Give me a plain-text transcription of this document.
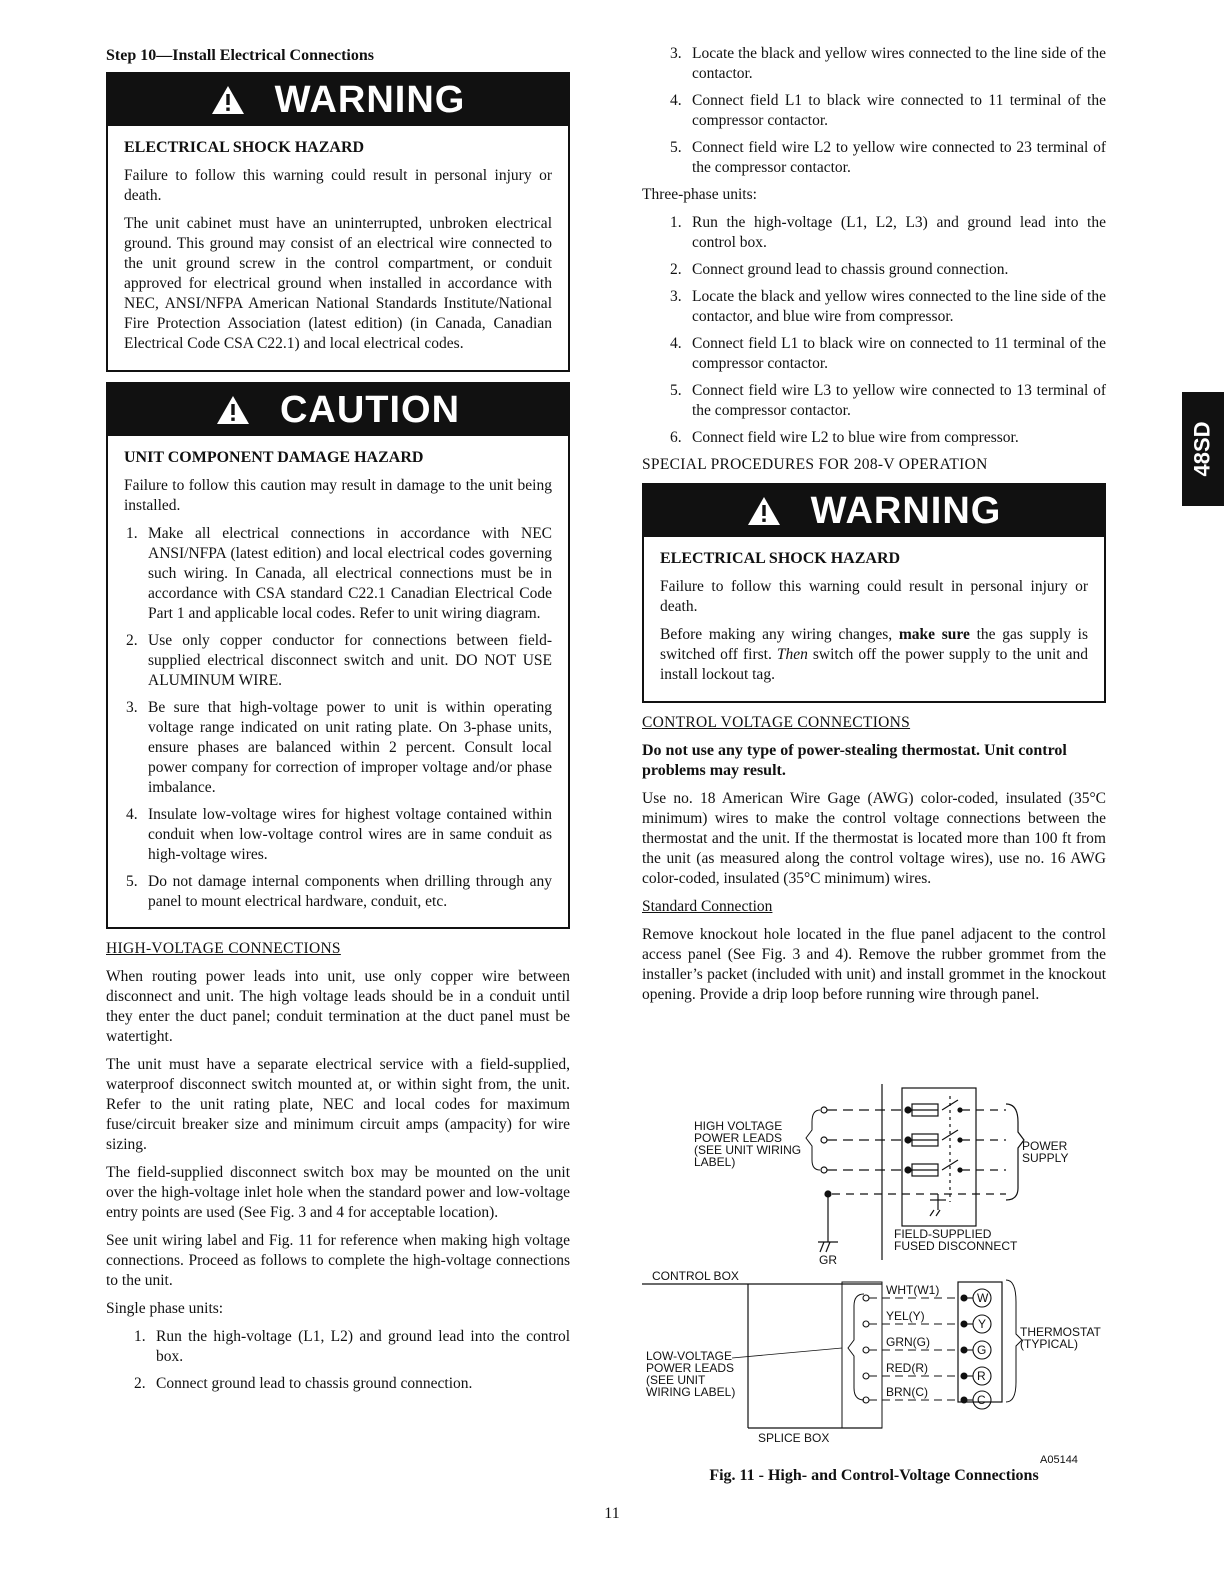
48SD
Step 10—Install Electrical Connections
WARNING
ELECTRICAL SHOCK HAZARD

Failure to follow this warning could result in personal injury or death.

The unit cabinet must have an uninterrupted, unbroken electrical ground. This ground may consist of an electrical wire connected to the unit ground screw in the control compartment, or conduit approved for electrical ground when installed in accordance with NEC, ANSI/NFPA American National Standards Institute/National Fire Protection Association (latest edition) (in Canada, Canadian Electrical Code CSA C22.1) and local electrical codes.

CAUTION
UNIT COMPONENT DAMAGE HAZARD

Failure to follow this caution may result in damage to the unit being installed.

1. Make all electrical connections in accordance with NEC ANSI/NFPA (latest edition) and local electrical codes governing such wiring. In Canada, all electrical connections must be in accordance with CSA standard C22.1 Canadian Electrical Code Part 1 and applicable local codes. Refer to unit wiring diagram.
2. Use only copper conductor for connections between field-supplied electrical disconnect switch and unit. DO NOT USE ALUMINUM WIRE.
3. Be sure that high-voltage power to unit is within operating voltage range indicated on unit rating plate. On 3-phase units, ensure phases are balanced within 2 percent. Consult local power company for correction of improper voltage and/or phase imbalance.
4. Insulate low-voltage wires for highest voltage contained within conduit when low-voltage control wires are in same conduit as high-voltage wires.
5. Do not damage internal components when drilling through any panel to mount electrical hardware, conduit, etc.

HIGH-VOLTAGE CONNECTIONS

When routing power leads into unit, use only copper wire between disconnect and unit. The high voltage leads should be in a conduit until they enter the duct panel; conduit termination at the duct panel must be watertight.

The unit must have a separate electrical service with a field-supplied, waterproof disconnect switch mounted at, or within sight from, the unit. Refer to the unit rating plate, NEC and local codes for maximum fuse/circuit breaker size and minimum circuit amps (ampacity) for wire sizing.

The field-supplied disconnect switch box may be mounted on the unit over the high-voltage inlet hole when the standard power and low-voltage entry points are used (See Fig. 3 and 4 for acceptable location).

See unit wiring label and Fig. 11 for reference when making high voltage connections. Proceed as follows to complete the high-voltage connections to the unit.

Single phase units:

1. Run the high-voltage (L1, L2) and ground lead into the control box.
2. Connect ground lead to chassis ground connection.
3. Locate the black and yellow wires connected to the line side of the contactor.
4. Connect field L1 to black wire connected to 11 terminal of the compressor contactor.
5. Connect field wire L2 to yellow wire connected to 23 terminal of the compressor contactor.

Three-phase units:

1. Run the high-voltage (L1, L2, L3) and ground lead into the control box.
2. Connect ground lead to chassis ground connection.
3. Locate the black and yellow wires connected to the line side of the contactor, and blue wire from compressor.
4. Connect field L1 to black wire on connected to 11 terminal of the compressor contactor.
5. Connect field wire L3 to yellow wire connected to 13 terminal of the compressor contactor.
6. Connect field wire L2 to blue wire from compressor.

SPECIAL PROCEDURES FOR 208-V OPERATION

WARNING
ELECTRICAL SHOCK HAZARD

Failure to follow this warning could result in personal injury or death.

Before making any wiring changes, make sure the gas supply is switched off first. Then switch off the power supply to the unit and install lockout tag.

CONTROL VOLTAGE CONNECTIONS

Do not use any type of power-stealing thermostat. Unit control problems may result.

Use no. 18 American Wire Gage (AWG) color-coded, insulated (35°C minimum) wires to make the control voltage connections between the thermostat and the unit. If the thermostat is located more than 100 ft from the unit (as measured along the control voltage wires), use no. 16 AWG color-coded, insulated (35°C minimum) wires.

Standard Connection

Remove knockout hole located in the flue panel adjacent to the control access panel (See Fig. 3 and 4). Remove the rubber grommet from the installer’s packet (included with unit) and install grommet in the knockout opening. Provide a drip loop before running wire through panel.

HIGH VOLTAGE
POWER LEADS
(SEE UNIT WIRING
LABEL)
POWER
SUPPLY
GR
FIELD-SUPPLIED
FUSED DISCONNECT
CONTROL BOX
LOW-VOLTAGE
POWER LEADS
(SEE UNIT
WIRING LABEL)
THERMOSTAT
(TYPICAL)
WHT(W1)
YEL(Y)
GRN(G)
RED(R)
BRN(C)
W
Y
G
R
C
SPLICE BOX
A05144
Fig. 11 - High- and Control-Voltage Connections
11
